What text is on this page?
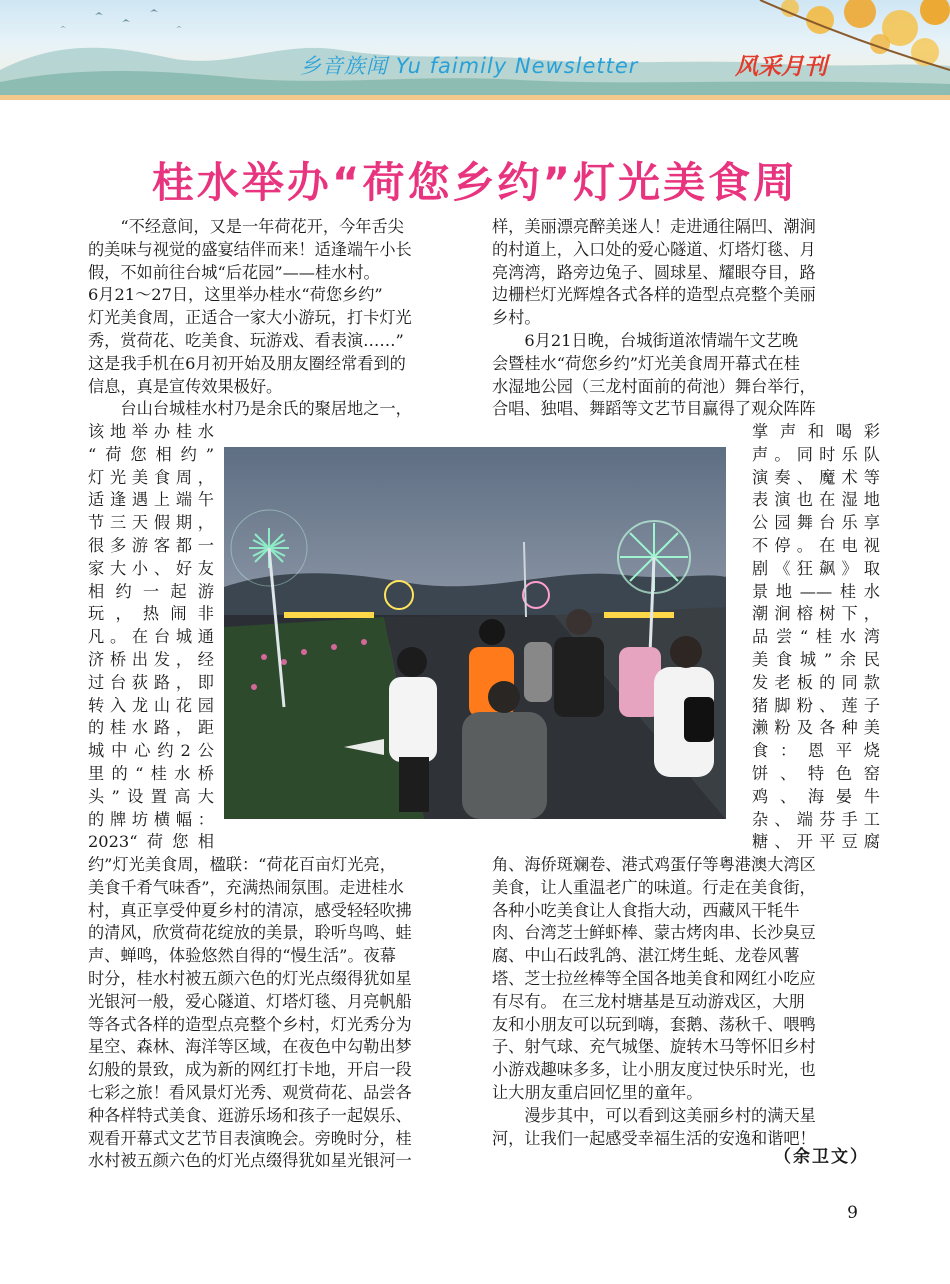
乡音族闻 Yu faimily Newsletter	风采月刊
桂水举办“荷您乡约”灯光美食周

“不经意间，又是一年荷花开，今年舌尖

的美味与视觉的盛宴结伴而来！适逢端午小长

假，不如前往台城“后花园”——桂水村。

6月21～27日，这里举办桂水“荷您乡约”

灯光美食周，正适合一家大小游玩，打卡灯光

秀，赏荷花、吃美食、玩游戏、看表演……”

这是我手机在6月初开始及朋友圈经常看到的

信息，真是宣传效果极好。

台山台城桂水村乃是余氏的聚居地之一，

该地举办桂水

“荷您相约”

灯光美食周，

适逢遇上端午

节三天假期，

很多游客都一

家大小、好友

相约一起游

玩，热闹非

凡。在台城通

济桥出发，经

过台荻路，即

转入龙山花园

的桂水路，距

城中心约2公

里的“桂水桥

头”设置高大

的牌坊横幅：

2023“荷您相

约”灯光美食周，楹联：“荷花百亩灯光亮，

美食千肴气味香”，充满热闹氛围。走进桂水

村，真正享受仲夏乡村的清凉，感受轻轻吹拂

的清风，欣赏荷花绽放的美景，聆听鸟鸣、蛙

声、蝉鸣，体验悠然自得的“慢生活”。夜幕

时分，桂水村被五颜六色的灯光点缀得犹如星

光银河一般，爱心隧道、灯塔灯毯、月亮帆船

等各式各样的造型点亮整个乡村，灯光秀分为

星空、森林、海洋等区域，在夜色中勾勒出梦

幻般的景致，成为新的网红打卡地，开启一段

七彩之旅！看风景灯光秀、观赏荷花、品尝各

种各样特式美食、逛游乐场和孩子一起娱乐、

观看开幕式文艺节目表演晚会。旁晚时分，桂

水村被五颜六色的灯光点缀得犹如星光银河一

样，美丽漂亮醉美迷人！走进通往隔凹、潮涧

的村道上，入口处的爱心隧道、灯塔灯毯、月

亮湾湾，路旁边兔子、圆球星、耀眼夺目，路

边栅栏灯光辉煌各式各样的造型点亮整个美丽

乡村。

6月21日晚，台城街道浓情端午文艺晚

会暨桂水“荷您乡约”灯光美食周开幕式在桂

水湿地公园（三龙村面前的荷池）舞台举行，

合唱、独唱、舞蹈等文艺节目赢得了观众阵阵

掌声和喝彩

声。同时乐队

演奏、魔术等

表演也在湿地

公园舞台乐享

不停。在电视

剧《狂飙》取

景地——桂水

潮涧榕树下，

品尝“桂水湾

美食城”余民

发老板的同款

猪脚粉、莲子

濑粉及各种美

食：恩平烧

饼、特色窑

鸡、海晏牛

杂、端芬手工

糖、开平豆腐

角、海侨斑斓卷、港式鸡蛋仔等粤港澳大湾区

美食，让人重温老广的味道。行走在美食街，

各种小吃美食让人食指大动，西藏风干牦牛

肉、台湾芝士鲜虾棒、蒙古烤肉串、长沙臭豆

腐、中山石歧乳鸽、湛江烤生蚝、龙卷风薯

塔、芝士拉丝棒等全国各地美食和网红小吃应

有尽有。 在三龙村塘基是互动游戏区，大朋

友和小朋友可以玩到嗨，套鹅、荡秋千、喂鸭

子、射气球、充气城堡、旋转木马等怀旧乡村

小游戏趣味多多，让小朋友度过快乐时光，也

让大朋友重启回忆里的童年。

漫步其中，可以看到这美丽乡村的满天星

河，让我们一起感受幸福生活的安逸和谐吧！

（余卫文）
9
